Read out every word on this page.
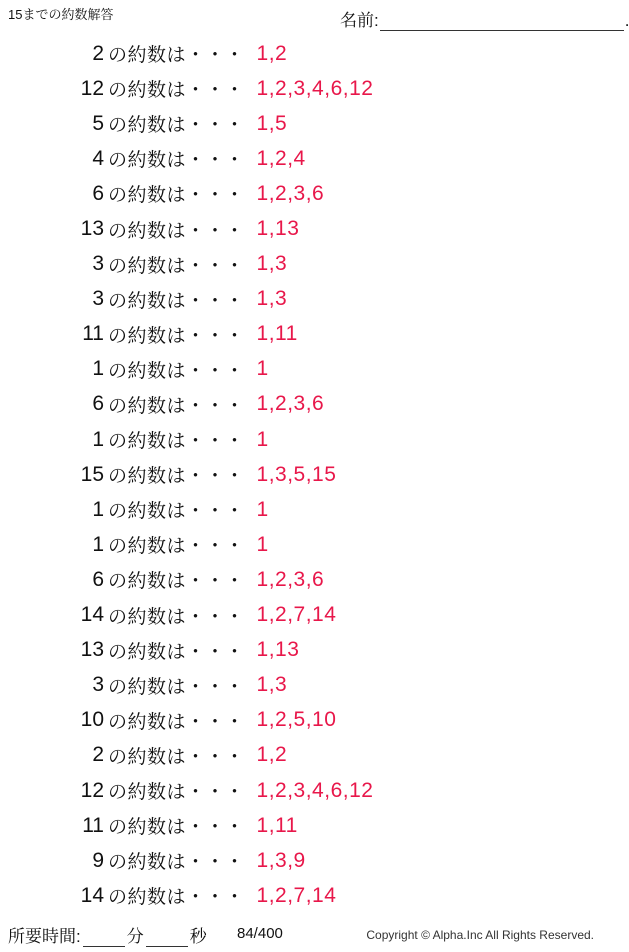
15までの約数解答	名前:	.
2 の約数は・・・ 1,2
12 の約数は・・・ 1,2,3,4,6,12
5 の約数は・・・ 1,5
4 の約数は・・・ 1,2,4
6 の約数は・・・ 1,2,3,6
13 の約数は・・・ 1,13
3 の約数は・・・ 1,3
3 の約数は・・・ 1,3
11 の約数は・・・ 1,11
1 の約数は・・・ 1
6 の約数は・・・ 1,2,3,6
1 の約数は・・・ 1
15 の約数は・・・ 1,3,5,15
1 の約数は・・・ 1
1 の約数は・・・ 1
6 の約数は・・・ 1,2,3,6
14 の約数は・・・ 1,2,7,14
13 の約数は・・・ 1,13
3 の約数は・・・ 1,3
10 の約数は・・・ 1,2,5,10
2 の約数は・・・ 1,2
12 の約数は・・・ 1,2,3,4,6,12
11 の約数は・・・ 1,11
9 の約数は・・・ 1,3,9
14 の約数は・・・ 1,2,7,14
所要時間:	分	秒 84/400	Copyright © Alpha.Inc All Rights Reserved.
